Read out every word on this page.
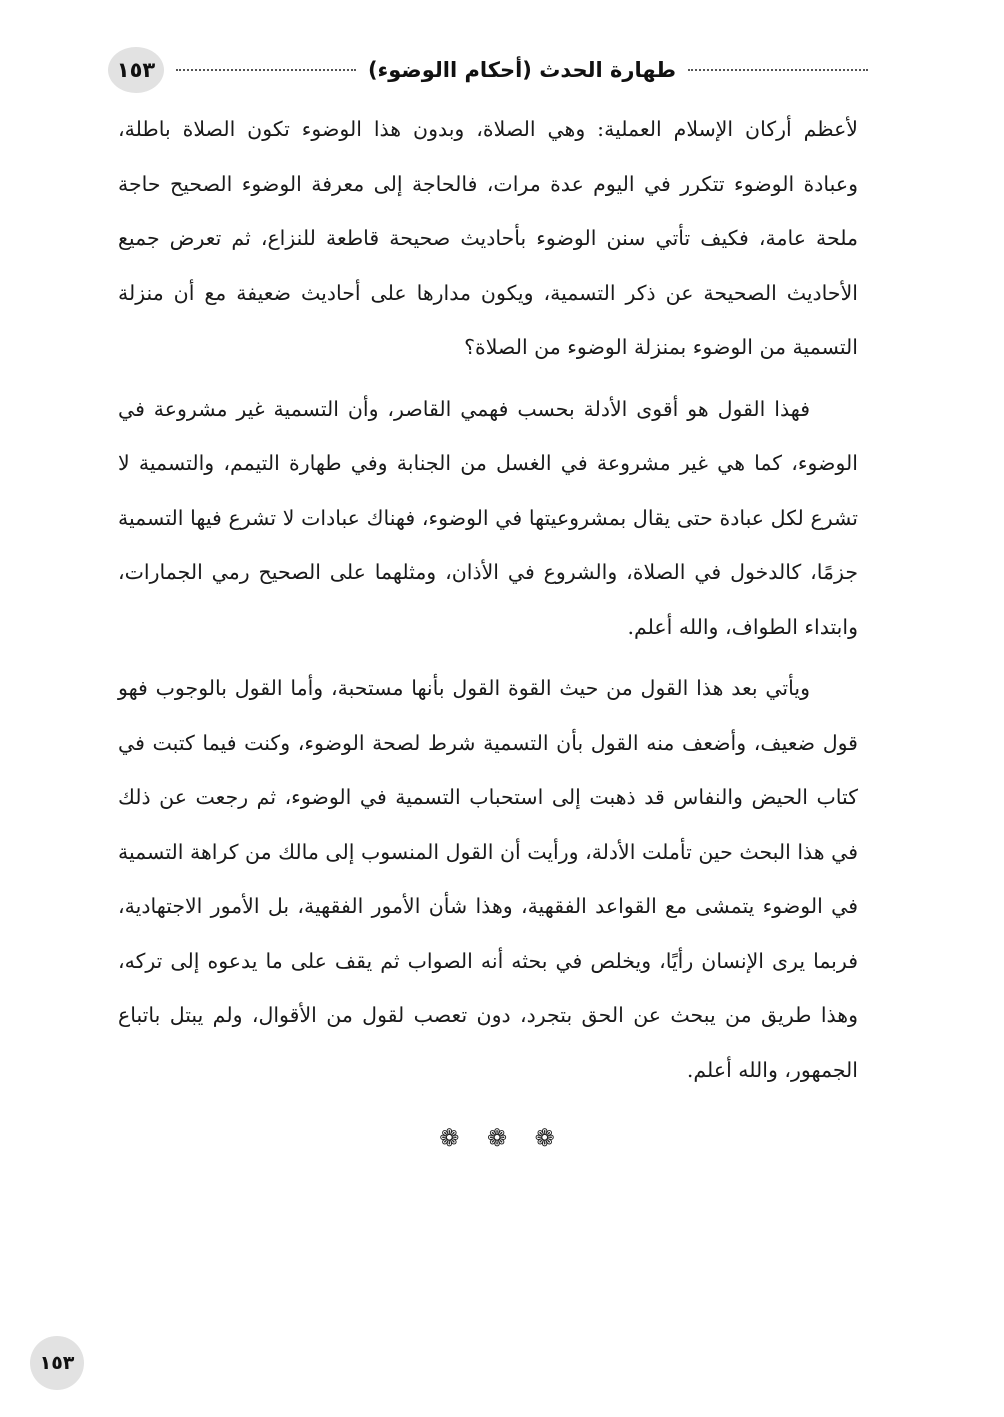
طهارة الحدث (أحكام االوضوء)
١٥٣

لأعظم أركان الإسلام العملية: وهي الصلاة، وبدون هذا الوضوء تكون الصلاة باطلة، وعبادة الوضوء تتكرر في اليوم عدة مرات، فالحاجة إلى معرفة الوضوء الصحيح حاجة ملحة عامة، فكيف تأتي سنن الوضوء بأحاديث صحيحة قاطعة للنزاع، ثم تعرض جميع الأحاديث الصحيحة عن ذكر التسمية، ويكون مدارها على أحاديث ضعيفة مع أن منزلة التسمية من الوضوء بمنزلة الوضوء من الصلاة؟

فهذا القول هو أقوى الأدلة بحسب فهمي القاصر، وأن التسمية غير مشروعة في الوضوء، كما هي غير مشروعة في الغسل من الجنابة وفي طهارة التيمم، والتسمية لا تشرع لكل عبادة حتى يقال بمشروعيتها في الوضوء، فهناك عبادات لا تشرع فيها التسمية جزمًا، كالدخول في الصلاة، والشروع في الأذان، ومثلهما على الصحيح رمي الجمارات، وابتداء الطواف، والله أعلم.

ويأتي بعد هذا القول من حيث القوة القول بأنها مستحبة، وأما القول بالوجوب فهو قول ضعيف، وأضعف منه القول بأن التسمية شرط لصحة الوضوء، وكنت فيما كتبت في كتاب الحيض والنفاس قد ذهبت إلى استحباب التسمية في الوضوء، ثم رجعت عن ذلك في هذا البحث حين تأملت الأدلة، ورأيت أن القول المنسوب إلى مالك من كراهة التسمية في الوضوء يتمشى مع القواعد الفقهية، وهذا شأن الأمور الفقهية، بل الأمور الاجتهادية، فربما يرى الإنسان رأيًا، ويخلص في بحثه أنه الصواب ثم يقف على ما يدعوه إلى تركه، وهذا طريق من يبحث عن الحق بتجرد، دون تعصب لقول من الأقوال، ولم يبتل باتباع الجمهور، والله أعلم.

❁ ❁ ❁
١٥٣
